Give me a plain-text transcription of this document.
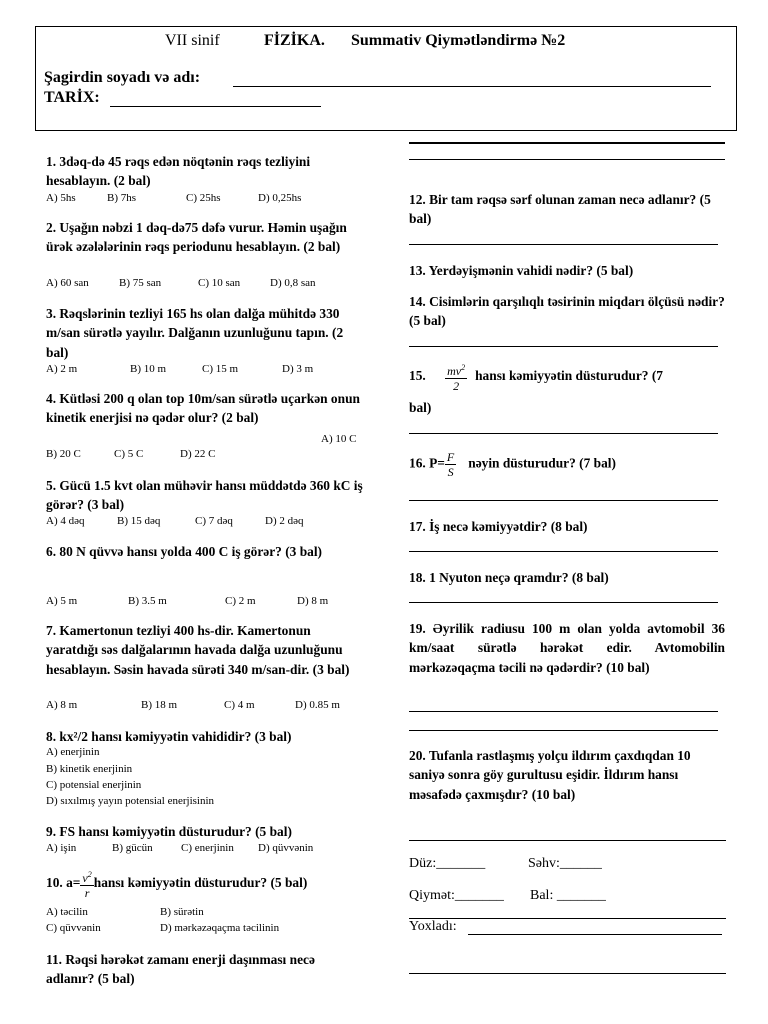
VII sinif	FİZİKA. Summativ Qiymətləndirmə №2
Şagirdin soyadı və adı:
TARİX:
1. 3dəq-də 45 rəqs edən nöqtənin rəqs tezliyini hesablayın. (2 bal)
A) 5hs	B) 7hs	C) 25hs	D) 0,25hs
2. Uşağın nəbzi 1 dəq-də75 dəfə vurur. Həmin uşağın ürək əzələlərinin rəqs periodunu hesablayın. (2 bal)
A) 60 san	B) 75 san	C) 10 san	D) 0,8 san
3. Rəqslərinin tezliyi 165 hs olan dalğa mühitdə 330 m/san sürətlə yayılır. Dalğanın uzunluğunu tapın. (2 bal)
A) 2 m	B) 10 m	C) 15 m	D) 3 m
4. Kütləsi 200 q olan top 10m/san sürətlə uçarkən onun kinetik enerjisi nə qədər olur? (2 bal)
A) 10 C
B) 20 C	C) 5 C	D) 22 C
5. Gücü 1.5 kvt olan mühəvir hansı müddətdə 360 kC iş görər? (3 bal)
A) 4 dəq	B) 15 dəq	C) 7 dəq	D) 2 dəq
6. 80 N qüvvə hansı yolda 400 C iş görər? (3 bal)
A) 5 m	B) 3.5 m	C) 2 m	D) 8 m
7. Kamertonun tezliyi 400 hs-dir. Kamertonun yaratdığı səs dalğalarının havada dalğa uzunluğunu hesablayın. Səsin havada sürəti 340 m/san-dir. (3 bal)
A) 8 m	B) 18 m	C) 4 m	D) 0.85 m
8. kx²/2 hansı kəmiyyətin vahididir? (3 bal)
A) enerjinin
B) kinetik enerjinin
C) potensial enerjinin
D) sıxılmış yayın potensial enerjisinin
9. FS hansı kəmiyyətin düsturudur? (5 bal)
A) işin	B) gücün	C) enerjinin D) qüvvənin
10. $a= \frac{v^2}{r}$ hansı kəmiyyətin düsturudur? (5 bal)
A) təcilin	B) sürətin
C) qüvvənin	D) mərkəzəqaçma təcilinin
11. Rəqsi hərəkət zamanı enerji daşınması necə adlanır? (5 bal)
12. Bir tam rəqsə sərf olunan zaman necə adlanır? (5 bal)
13. Yerdəyişmənin vahidi nədir? (5 bal)
14. Cisimlərin qarşılıqlı təsirinin miqdarı ölçüsü nədir? (5 bal)
15. $\frac{mv^2}{2}$ hansı kəmiyyətin düsturudur? (7
bal)
16. $P= \frac{F}{S}$ nəyin düsturudur? (7 bal)
17. İş necə kəmiyyətdir? (8 bal)
18. 1 Nyuton neçə qramdır? (8 bal)
19. Əyrilik radiusu 100 m olan yolda avtomobil 36 km/saat sürətlə hərəkət edir. Avtomobilin mərkəzəqaçma təcili nə qədərdir? (10 bal)
20. Tufanla rastlaşmış yolçu ildırım çaxdıqdan 10 saniyə sonra göy gurultusu eşidir. İldırım hansı məsafədə çaxmışdır? (10 bal)
Düz:_______	Səhv:______
Qiymət:_______ Bal: _______
Yoxladı:
